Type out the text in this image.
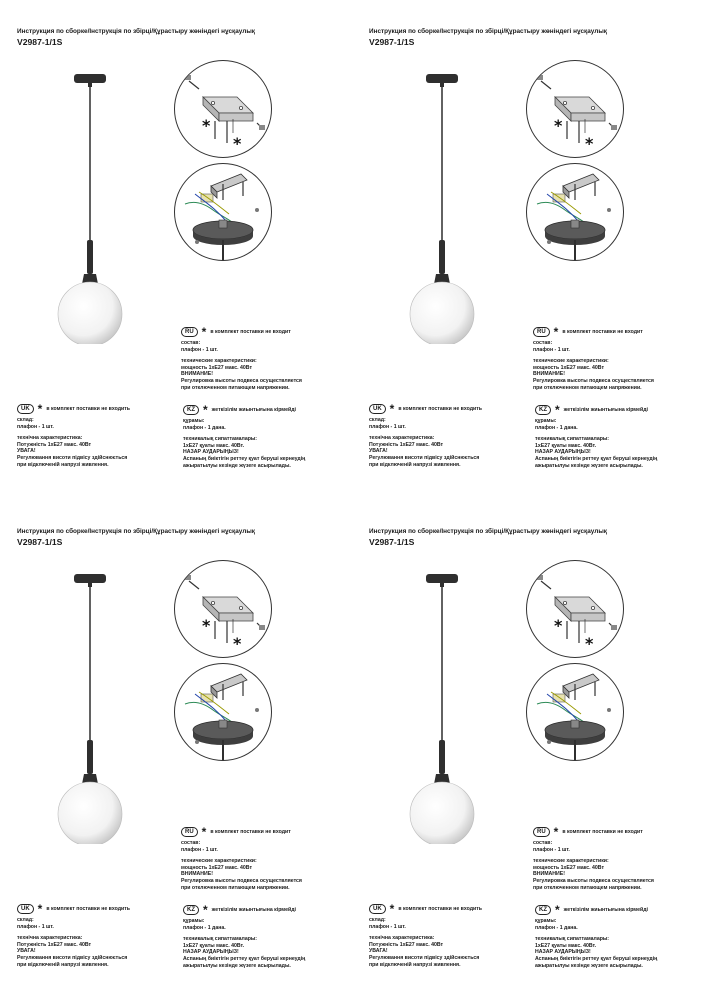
Инструкция по сборке/Інструкція по збірці/Құрастыру жөніндегі нұсқаулық
V2987-1/1S
*
*
RU * в комплект поставки не входит
состав:
плафон - 1 шт.
технические характеристики:
мощность 1хE27 макс. 40Вт
ВНИМАНИЕ!
Регулировка высоты подвеса осуществляется
при отключенном питающем напряжении.
UK * в комплект поставки не входить
склад:
плафон - 1 шт.
технічна характеристика:
Потужність 1хE27 макс. 40Вт
УВАГА!
Регулювання висоти підвісу здійснюється
при відключеній напрузі живлення.
KZ * жеткізілім жиынтығына кірмейді
құрамы:
плафон - 1 дана.
техникалық сипаттамалары:
1хE27 қуаты макс. 40Вт.
НАЗАР АУДАРЫҢЫЗ!
Аспаның биіктігін реттеу қуат беруші кернеудің
ажыратылуы кезінде жүзеге асырылады.
Инструкция по сборке/Інструкція по збірці/Құрастыру жөніндегі нұсқаулық
V2987-1/1S
*
*
RU * в комплект поставки не входит
состав:
плафон - 1 шт.
технические характеристики:
мощность 1хE27 макс. 40Вт
ВНИМАНИЕ!
Регулировка высоты подвеса осуществляется
при отключенном питающем напряжении.
UK * в комплект поставки не входить
склад:
плафон - 1 шт.
технічна характеристика:
Потужність 1хE27 макс. 40Вт
УВАГА!
Регулювання висоти підвісу здійснюється
при відключеній напрузі живлення.
KZ * жеткізілім жиынтығына кірмейді
құрамы:
плафон - 1 дана.
техникалық сипаттамалары:
1хE27 қуаты макс. 40Вт.
НАЗАР АУДАРЫҢЫЗ!
Аспаның биіктігін реттеу қуат беруші кернеудің
ажыратылуы кезінде жүзеге асырылады.
Инструкция по сборке/Інструкція по збірці/Құрастыру жөніндегі нұсқаулық
V2987-1/1S
*
*
RU * в комплект поставки не входит
состав:
плафон - 1 шт.
технические характеристики:
мощность 1хE27 макс. 40Вт
ВНИМАНИЕ!
Регулировка высоты подвеса осуществляется
при отключенном питающем напряжении.
UK * в комплект поставки не входить
склад:
плафон - 1 шт.
технічна характеристика:
Потужність 1хE27 макс. 40Вт
УВАГА!
Регулювання висоти підвісу здійснюється
при відключеній напрузі живлення.
KZ * жеткізілім жиынтығына кірмейді
құрамы:
плафон - 1 дана.
техникалық сипаттамалары:
1хE27 қуаты макс. 40Вт.
НАЗАР АУДАРЫҢЫЗ!
Аспаның биіктігін реттеу қуат беруші кернеудің
ажыратылуы кезінде жүзеге асырылады.
Инструкция по сборке/Інструкція по збірці/Құрастыру жөніндегі нұсқаулық
V2987-1/1S
*
*
RU * в комплект поставки не входит
состав:
плафон - 1 шт.
технические характеристики:
мощность 1хE27 макс. 40Вт
ВНИМАНИЕ!
Регулировка высоты подвеса осуществляется
при отключенном питающем напряжении.
UK * в комплект поставки не входить
склад:
плафон - 1 шт.
технічна характеристика:
Потужність 1хE27 макс. 40Вт
УВАГА!
Регулювання висоти підвісу здійснюється
при відключеній напрузі живлення.
KZ * жеткізілім жиынтығына кірмейді
құрамы:
плафон - 1 дана.
техникалық сипаттамалары:
1хE27 қуаты макс. 40Вт.
НАЗАР АУДАРЫҢЫЗ!
Аспаның биіктігін реттеу қуат беруші кернеудің
ажыратылуы кезінде жүзеге асырылады.
